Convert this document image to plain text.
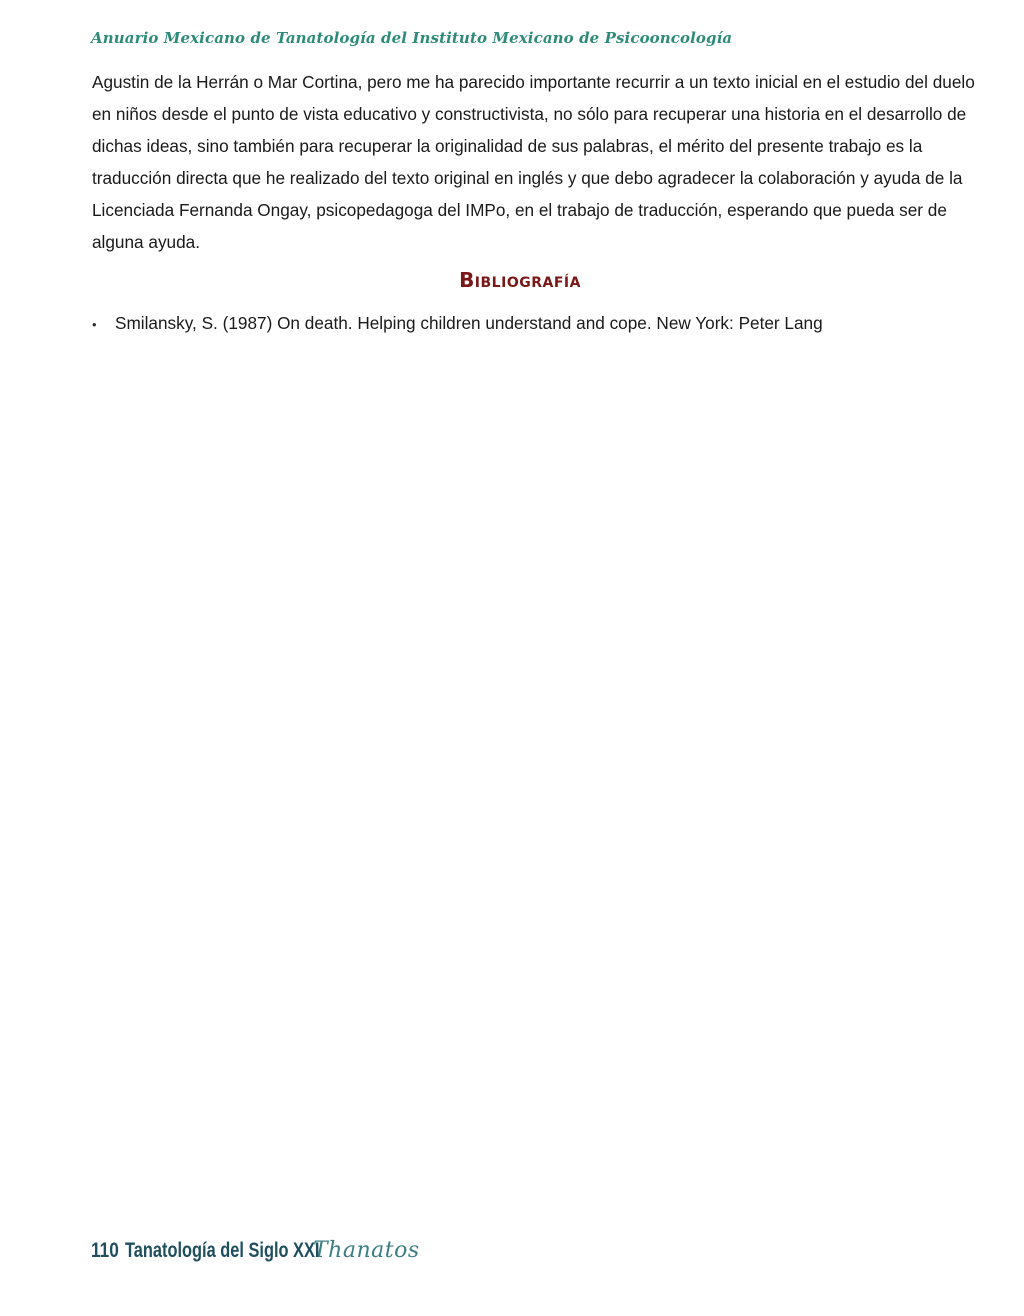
Anuario Mexicano de Tanatología del Instituto Mexicano de Psicooncología

Agustin de la Herrán o Mar Cortina, pero me ha parecido importante recurrir a un texto inicial en el estudio del duelo en niños desde el punto de vista educativo y constructivista, no sólo para recuperar una historia en el desarrollo de dichas ideas, sino también para recuperar la originalidad de sus palabras, el mérito del presente trabajo es la traducción directa que he realizado del texto original en inglés y que debo agradecer la colaboración y ayuda de la Licenciada Fernanda Ongay, psicopedagoga del IMPo, en el trabajo de traducción, esperando que pueda ser de alguna ayuda.

Bibliografía
•	Smilansky, S. (1987) On death. Helping children understand and cope. New York: Peter Lang
110 Tanatología del Siglo XXI
Thanatos
